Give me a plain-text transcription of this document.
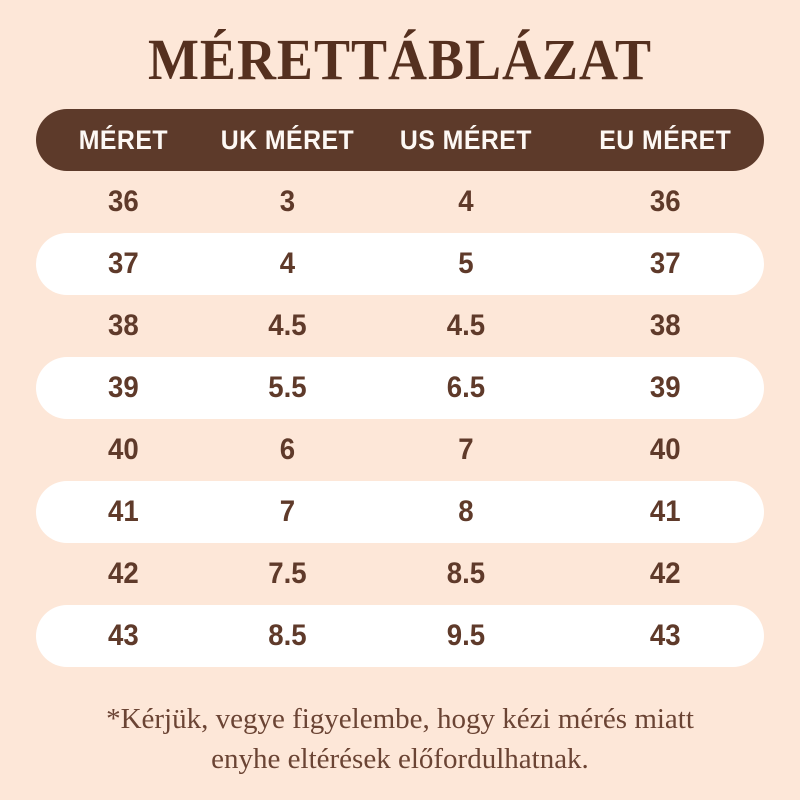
MÉRETTÁBLÁZAT
MÉRET	UK MÉRET	US MÉRET	EU MÉRET
36	3	4	36
37	4	5	37
38	4.5	4.5	38
39	5.5	6.5	39
40	6	7	40
41	7	8	41
42	7.5	8.5	42
43	8.5	9.5	43
*Kérjük, vegye figyelembe, hogy kézi mérés miatt
enyhe eltérések előfordulhatnak.
